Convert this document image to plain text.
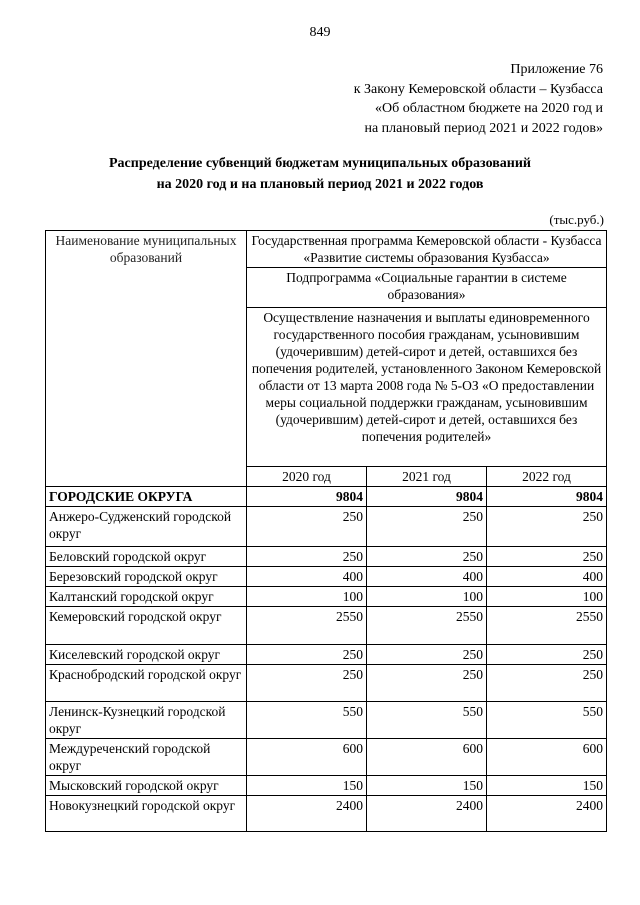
849
Приложение 76
к Закону Кемеровской области – Кузбасса
«Об областном бюджете на 2020 год и
на плановый период 2021 и 2022 годов»
Распределение субвенций бюджетам муниципальных образований
на 2020 год и на плановый период 2021 и 2022 годов
(тыс.руб.)
Наименование муниципальных образований	Государственная программа Кемеровской области - Кузбасса «Развитие системы образования Кузбасса»		
	Подпрограмма «Социальные гарантии в системе образования»		
	Осуществление назначения и выплаты единовременного государственного пособия гражданам, усыновившим (удочерившим) детей-сирот и детей, оставшихся без попечения родителей, установленного Законом Кемеровской области от 13 марта 2008 года № 5-ОЗ «О предоставлении меры социальной поддержки гражданам, усыновившим (удочерившим) детей-сирот и детей, оставшихся без попечения родителей»		
	2020 год	2021 год	2022 год
ГОРОДСКИЕ ОКРУГА	9804	9804	9804
Анжеро-Судженский городской округ	250	250	250
Беловский городской округ	250	250	250
Березовский городской округ	400	400	400
Калтанский городской округ	100	100	100
Кемеровский городской округ	2550	2550	2550
Киселевский городской округ	250	250	250
Краснобродский городской округ	250	250	250
Ленинск-Кузнецкий городской округ	550	550	550
Междуреченский городской округ	600	600	600
Мысковский городской округ	150	150	150
Новокузнецкий городской округ	2400	2400	2400
